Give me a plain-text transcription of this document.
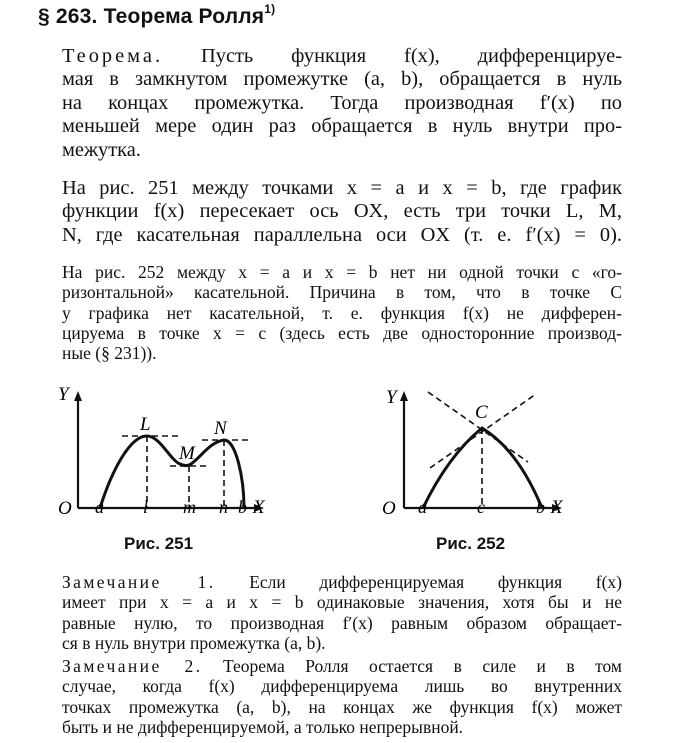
§ 263. Теорема Ролля$^{1)}$
Теорема. Пусть функция f(x), дифференцируе-
мая в замкнутом промежутке (a, b), обращается в нуль
на концах промежутка. Тогда производная f′(x) по
меньшей мере один раз обращается в нуль внутри про-
межутка.
На рис. 251 между точками x = a и x = b, где график
функции f(x) пересекает ось OX, есть три точки L, M,
N, где касательная параллельна оси OX (т. е. f′(x) = 0).
На рис. 252 между x = a и x = b нет ни одной точки с «го-
ризонтальной» касательной. Причина в том, что в точке C
у графика нет касательной, т. е. функция f(x) не дифферен-
цируема в точке x = c (здесь есть две односторонние производ-
ные (§ 231)).
Y
O a l m n b X
L
M
N
Рис. 251
Y
O a	c	b X
C
Рис. 252
Замечание 1. Если дифференцируемая функция f(x)
имеет при x = a и x = b одинаковые значения, хотя бы и не
равные нулю, то производная f′(x) равным образом обращает-
ся в нуль внутри промежутка (a, b).
Замечание 2. Теорема Ролля остается в силе и в том
случае, когда f(x) дифференцируема лишь во внутренних
точках промежутка (a, b), на концах же функция f(x) может
быть и не дифференцируемой, а только непрерывной.
